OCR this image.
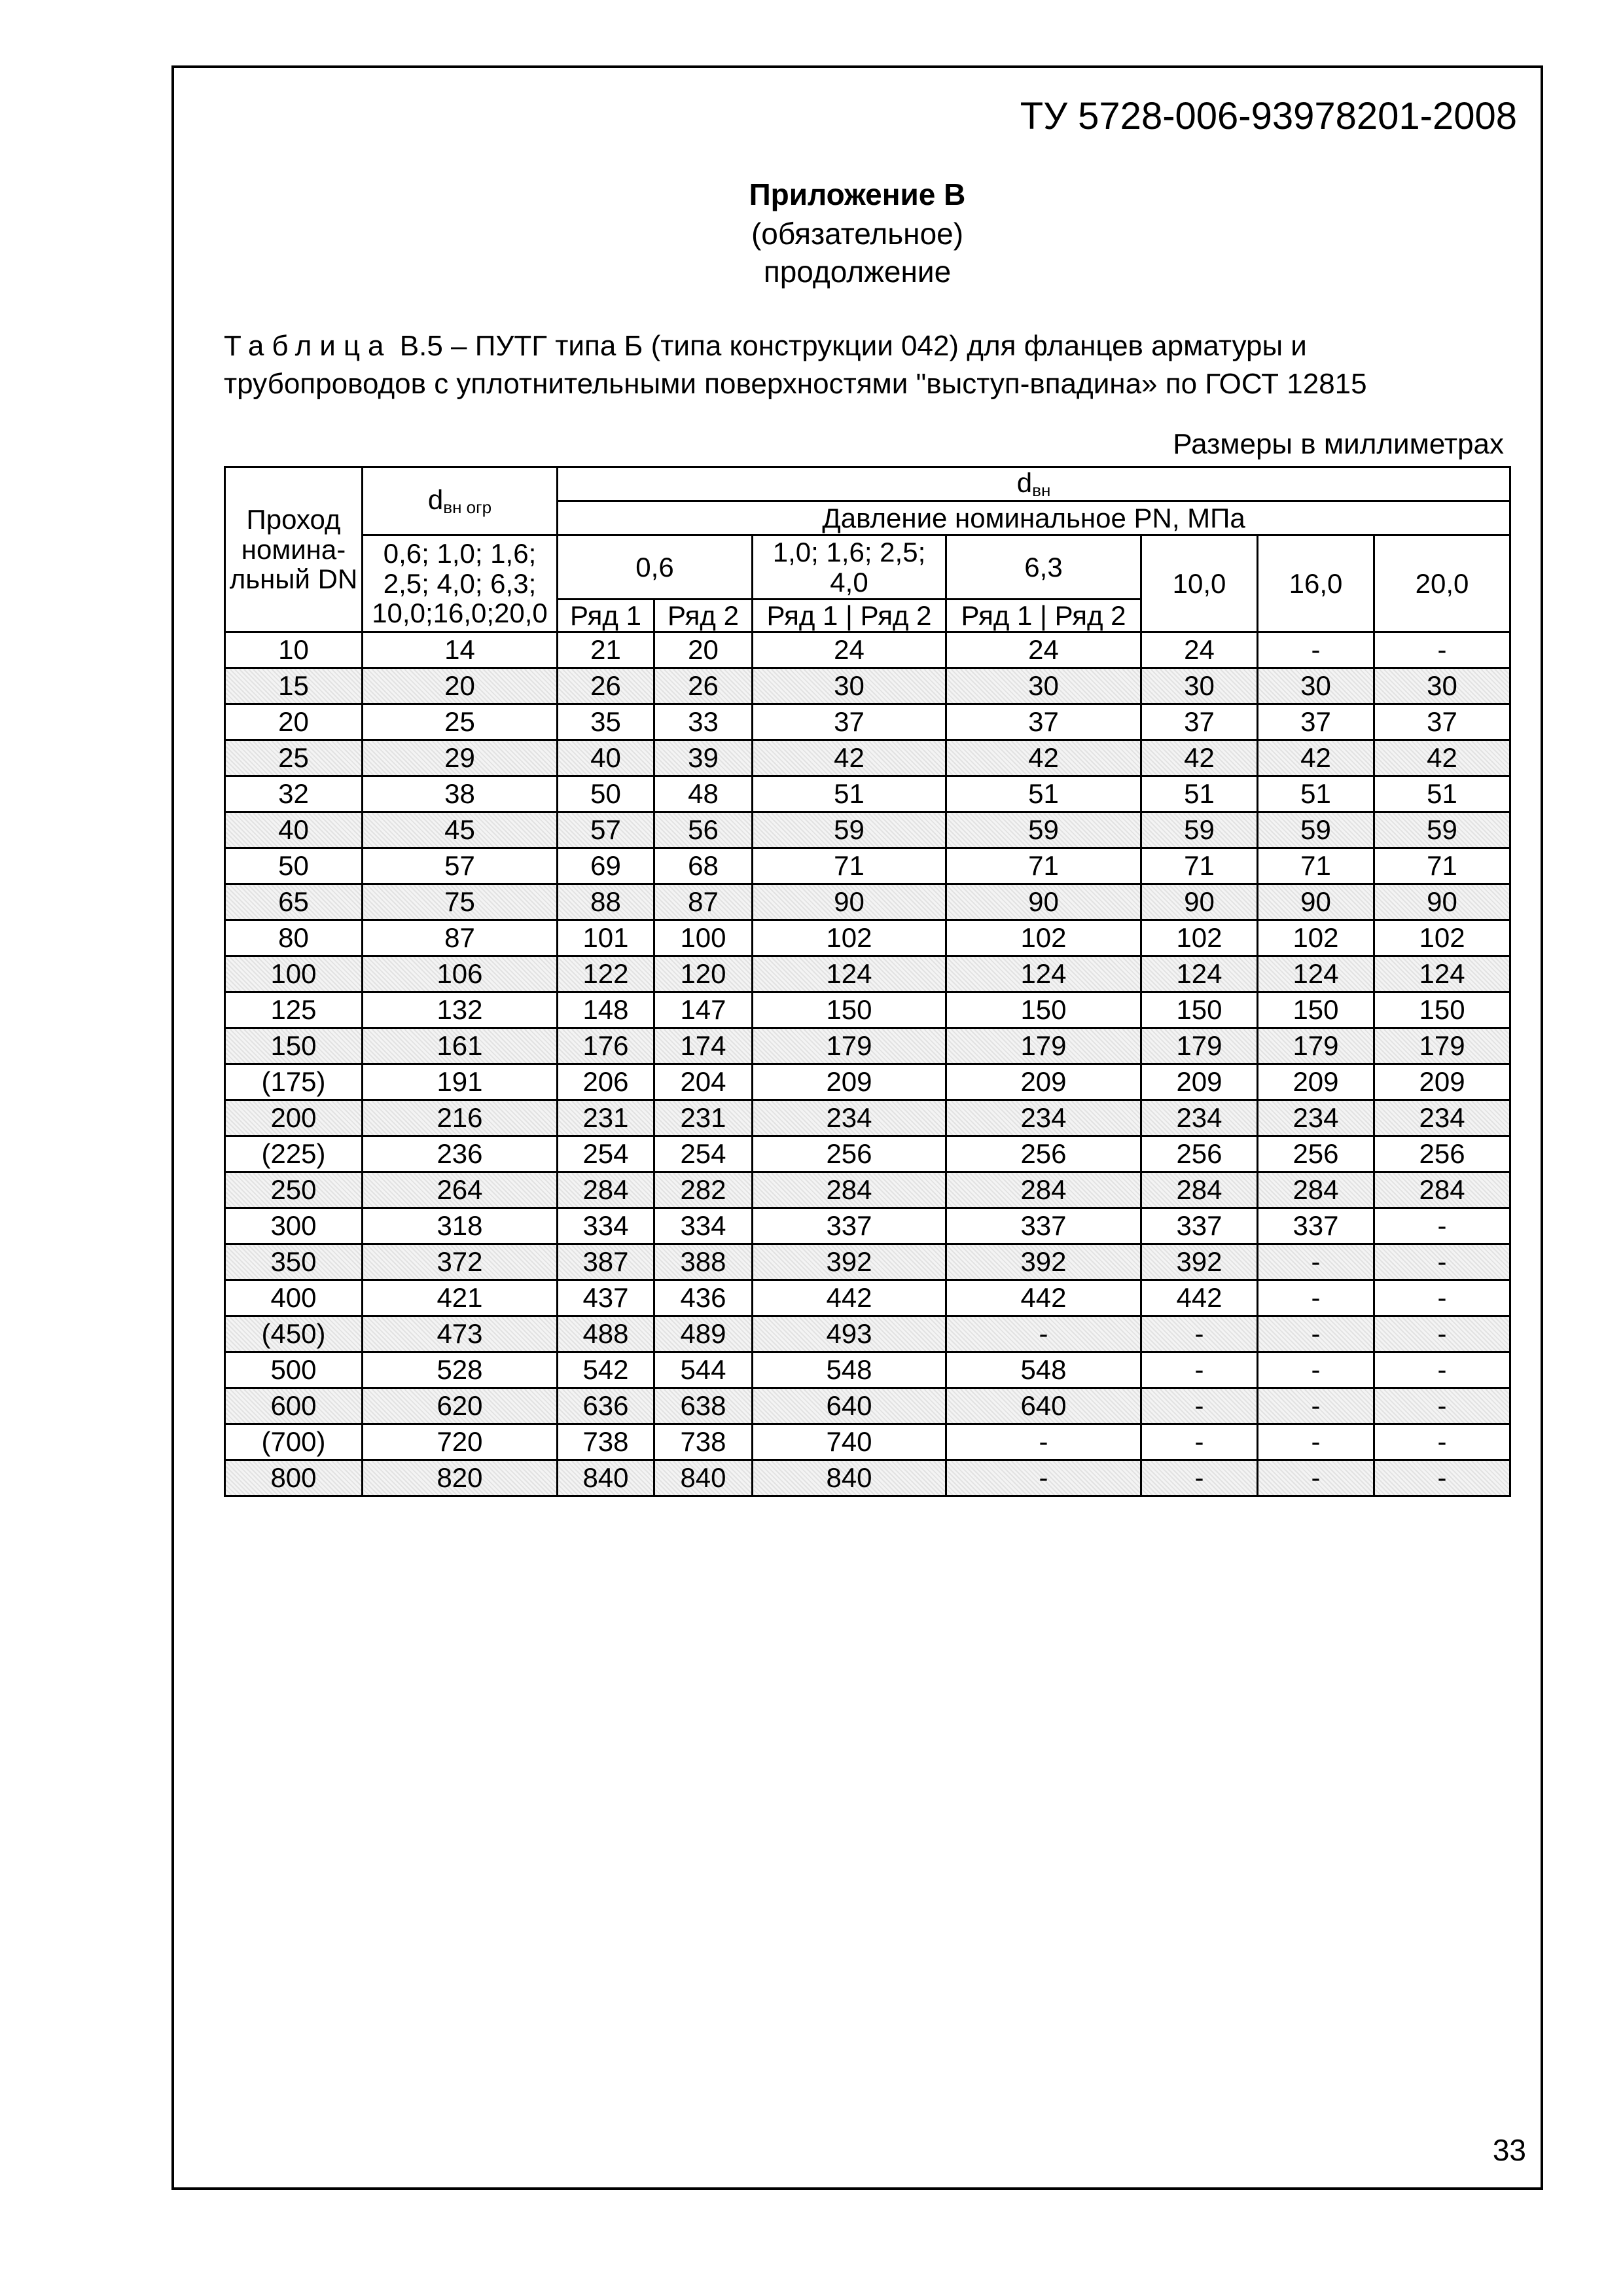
ТУ 5728-006-93978201-2008
Приложение В
(обязательное)
продолжение
Таблица В.5 – ПУТГ типа Б (типа конструкции 042) для фланцев арматуры и трубопроводов с уплотнительными поверхностями "выступ-впадина» по ГОСТ 12815
Размеры в миллиметрах
Проход номина-льный DN	$d_{вн огр}$	$d_{вн}$
		Давление номинальное PN, МПа						
	0,6; 1,0; 1,6; 2,5; 4,0; 6,3; 10,0;16,0;20,0	0,6		1,0; 1,6; 2,5; 4,0	6,3	10,0	16,0	20,0
		Ряд 1	Ряд 2	Ряд 1 | Ряд 2	Ряд 1 | Ряд 2			
10	14	21	20	24	24	24	-	-
15	20	26	26	30	30	30	30	30
20	25	35	33	37	37	37	37	37
25	29	40	39	42	42	42	42	42
32	38	50	48	51	51	51	51	51
40	45	57	56	59	59	59	59	59
50	57	69	68	71	71	71	71	71
65	75	88	87	90	90	90	90	90
80	87	101	100	102	102	102	102	102
100	106	122	120	124	124	124	124	124
125	132	148	147	150	150	150	150	150
150	161	176	174	179	179	179	179	179
(175)	191	206	204	209	209	209	209	209
200	216	231	231	234	234	234	234	234
(225)	236	254	254	256	256	256	256	256
250	264	284	282	284	284	284	284	284
300	318	334	334	337	337	337	337	-
350	372	387	388	392	392	392	-	-
400	421	437	436	442	442	442	-	-
(450)	473	488	489	493	-	-	-	-
500	528	542	544	548	548	-	-	-
600	620	636	638	640	640	-	-	-
(700)	720	738	738	740	-	-	-	-
800	820	840	840	840	-	-	-	-
33
